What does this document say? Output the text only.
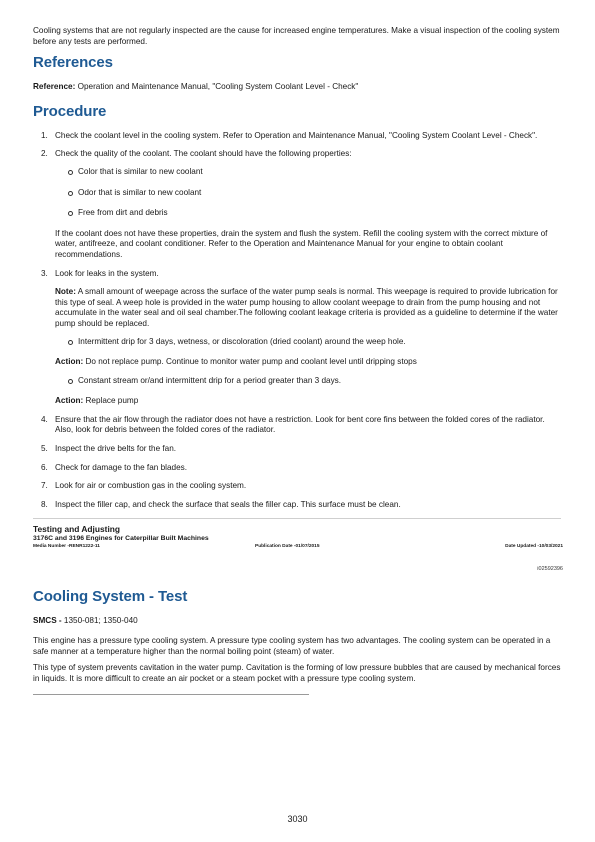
Cooling systems that are not regularly inspected are the cause for increased engine temperatures. Make a visual inspection of the cooling system before any tests are performed.

References

Reference: Operation and Maintenance Manual, "Cooling System Coolant Level - Check"

Procedure
1. Check the coolant level in the cooling system. Refer to Operation and Maintenance Manual, "Cooling System Coolant Level - Check".

2. Check the quality of the coolant. The coolant should have the following properties:

Color that is similar to new coolant
Odor that is similar to new coolant
Free from dirt and debris

If the coolant does not have these properties, drain the system and flush the system. Refill the cooling system with the correct mixture of water, antifreeze, and coolant conditioner. Refer to the Operation and Maintenance Manual for your engine to obtain coolant recommendations.

3. Look for leaks in the system.

Note: A small amount of weepage across the surface of the water pump seals is normal. This weepage is required to provide lubrication for this type of seal. A weep hole is provided in the water pump housing to allow coolant weepage to drain from the pump housing and not accumulate in the water seal and oil seal chamber.The following coolant leakage criteria is provided as a guideline to determine if the water pump should be replaced.

Intermittent drip for 3 days, wetness, or discoloration (dried coolant) around the weep hole.

Action: Do not replace pump. Continue to monitor water pump and coolant level until dripping stops

Constant stream or/and intermittent drip for a period greater than 3 days.

Action: Replace pump

4. Ensure that the air flow through the radiator does not have a restriction. Look for bent core fins between the folded cores of the radiator. Also, look for debris between the folded cores of the radiator.

5. Inspect the drive belts for the fan.

6. Check for damage to the fan blades.

7. Look for air or combustion gas in the cooling system.

8. Inspect the filler cap, and check the surface that seals the filler cap. This surface must be clean.

Testing and Adjusting
3176C and 3196 Engines for Caterpillar Built Machines
Media Number -RENR1222-11	Publication Date -01/07/2015	Date Updated -10/03/2021
i02592396
Cooling System - Test

SMCS - 1350-081; 1350-040

This engine has a pressure type cooling system. A pressure type cooling system has two advantages. The cooling system can be operated in a safe manner at a temperature higher than the normal boiling point (steam) of water.

This type of system prevents cavitation in the water pump. Cavitation is the forming of low pressure bubbles that are caused by mechanical forces in liquids. It is more difficult to create an air pocket or a steam pocket with a pressure type cooling system.

3030
